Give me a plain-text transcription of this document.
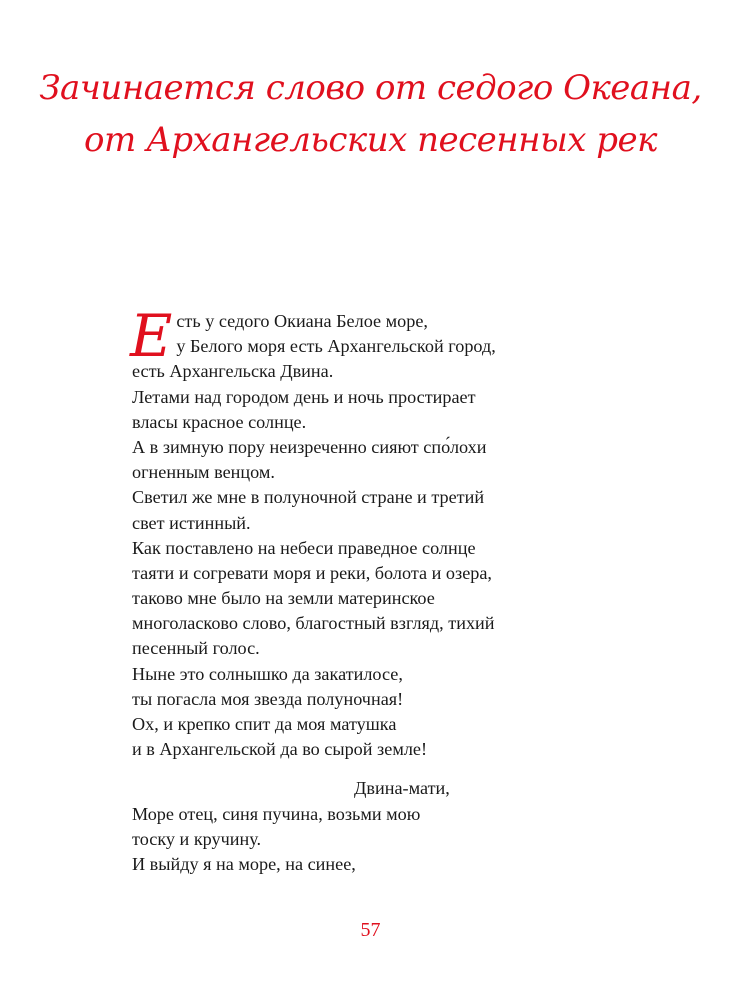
Зачинается слово от седого Океана,
от Архангельских песенных рек
Е сть у седого Окиана Белое море,
у Белого моря есть Архангельской город,
есть Архангельска Двина.
Летами над городом день и ночь простирает
власы красное солнце.
А в зимную пору неизреченно сияют спо́лохи
огненным венцом.
Светил же мне в полуночной стране и третий
свет истинный.
Как поставлено на небеси праведное солнце
таяти и согревати моря и реки, болота и озера,
таково мне было на земли материнское
многоласково слово, благостный взгляд, тихий
песенный голос.
Ныне это солнышко да закатилосе,
ты погасла моя звезда полуночная!
Ох, и крепко спит да моя матушка
и в Архангельской да во сырой земле!
Двина-мати,
Море отец, синя пучина, возьми мою
тоску и кручину.
И выйду я на море, на синее,
57
